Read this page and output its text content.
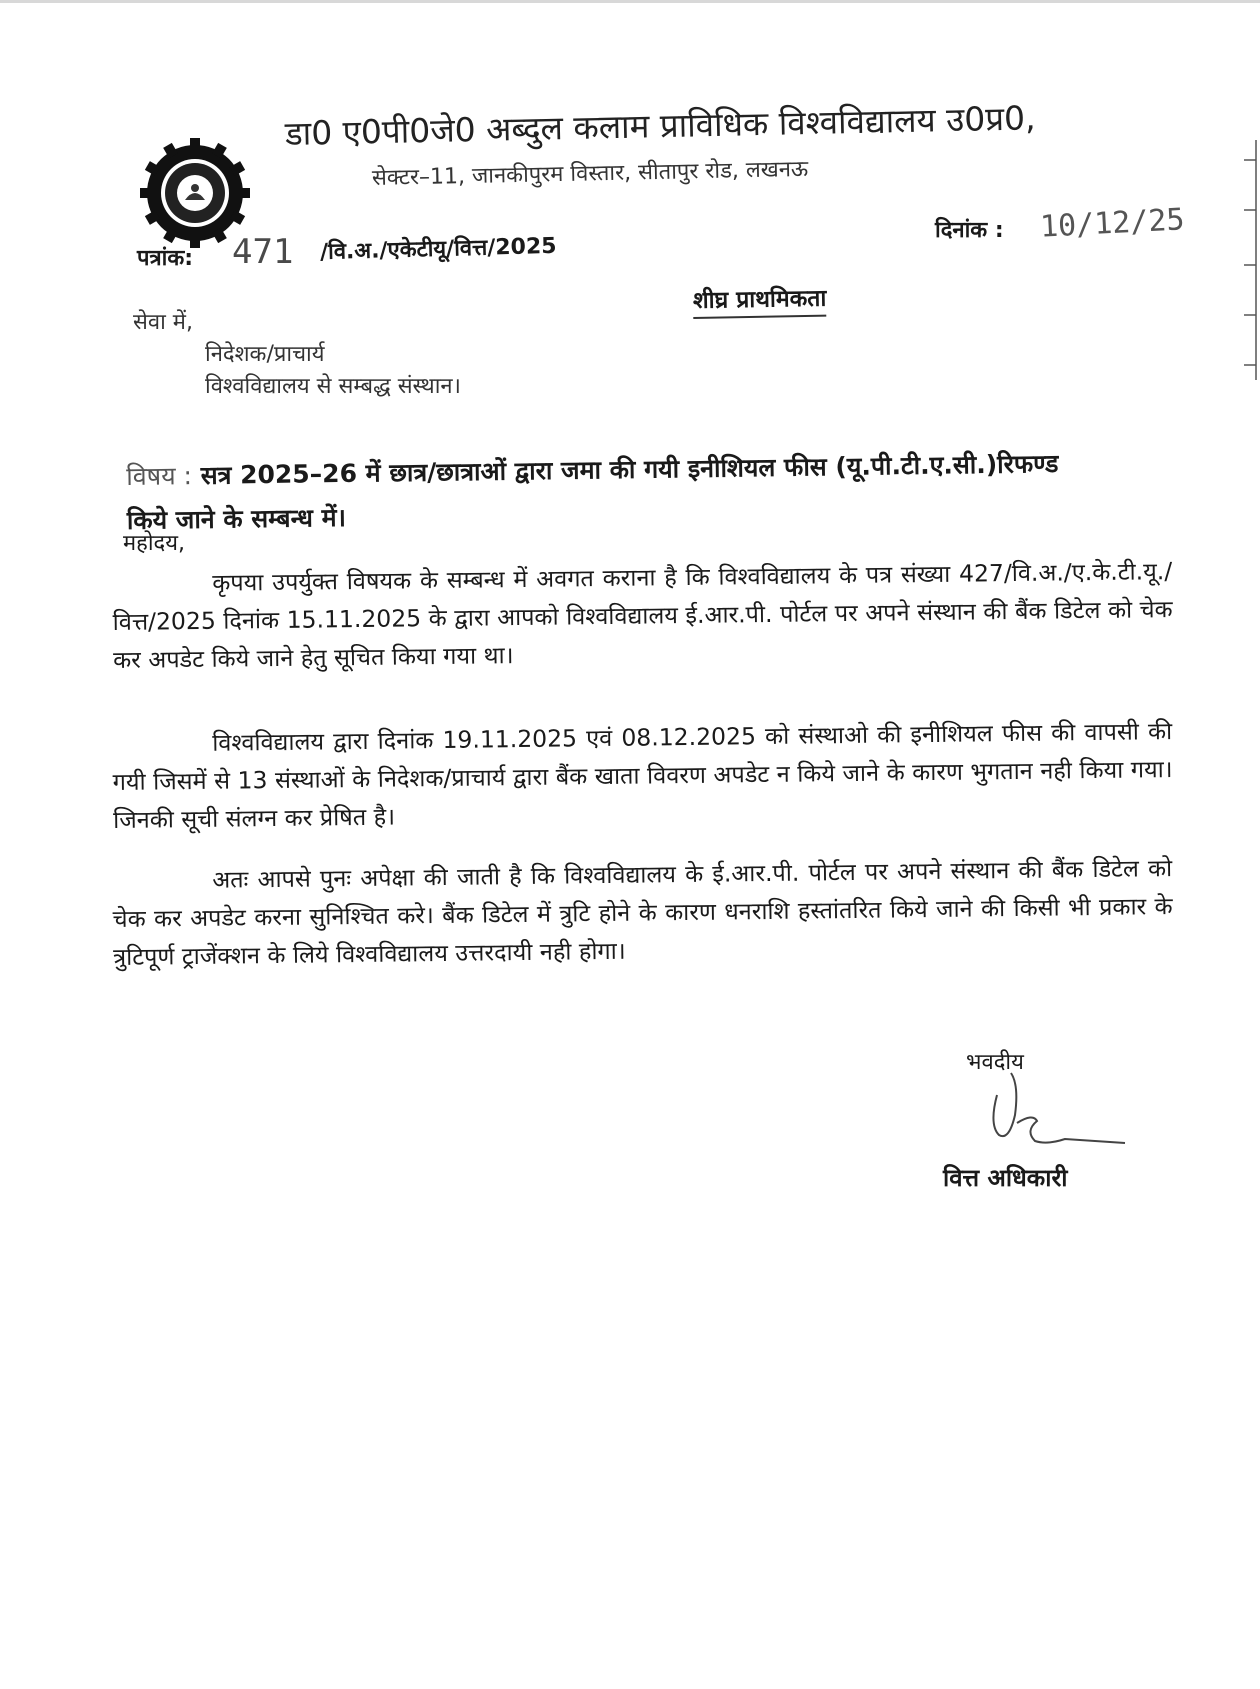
डा0 ए0पी0जे0 अब्दुल कलाम प्राविधिक विश्वविद्यालय उ0प्र0,
सेक्टर–11, जानकीपुरम विस्तार, सीतापुर रोड, लखनऊ
पत्रांक: 471 /वि.अ./एकेटीयू/वित्त/2025
दिनांक : 10/12/25
शीघ्र प्राथमिकता
सेवा में,
निदेशक/प्राचार्य
विश्वविद्यालय से सम्बद्ध संस्थान।
विषय : सत्र 2025–26 में छात्र/छात्राओं द्वारा जमा की गयी इनीशियल फीस (यू.पी.टी.ए.सी.)रिफण्ड किये जाने के सम्बन्ध में।
महोदय,
कृपया उपर्युक्त विषयक के सम्बन्ध में अवगत कराना है कि विश्वविद्यालय के पत्र संख्या 427/वि.अ./ए.के.टी.यू./वित्त/2025 दिनांक 15.11.2025 के द्वारा आपको विश्वविद्यालय ई.आर.पी. पोर्टल पर अपने संस्थान की बैंक डिटेल को चेक कर अपडेट किये जाने हेतु सूचित किया गया था।
विश्वविद्यालय द्वारा दिनांक 19.11.2025 एवं 08.12.2025 को संस्थाओ की इनीशियल फीस की वापसी की गयी जिसमें से 13 संस्थाओं के निदेशक/प्राचार्य द्वारा बैंक खाता विवरण अपडेट न किये जाने के कारण भुगतान नही किया गया। जिनकी सूची संलग्न कर प्रेषित है।
अतः आपसे पुनः अपेक्षा की जाती है कि विश्वविद्यालय के ई.आर.पी. पोर्टल पर अपने संस्थान की बैंक डिटेल को चेक कर अपडेट करना सुनिश्चित करे। बैंक डिटेल में त्रुटि होने के कारण धनराशि हस्तांतरित किये जाने की किसी भी प्रकार के त्रुटिपूर्ण ट्राजेंक्शन के लिये विश्वविद्यालय उत्तरदायी नही होगा।
भवदीय
वित्त अधिकारी
